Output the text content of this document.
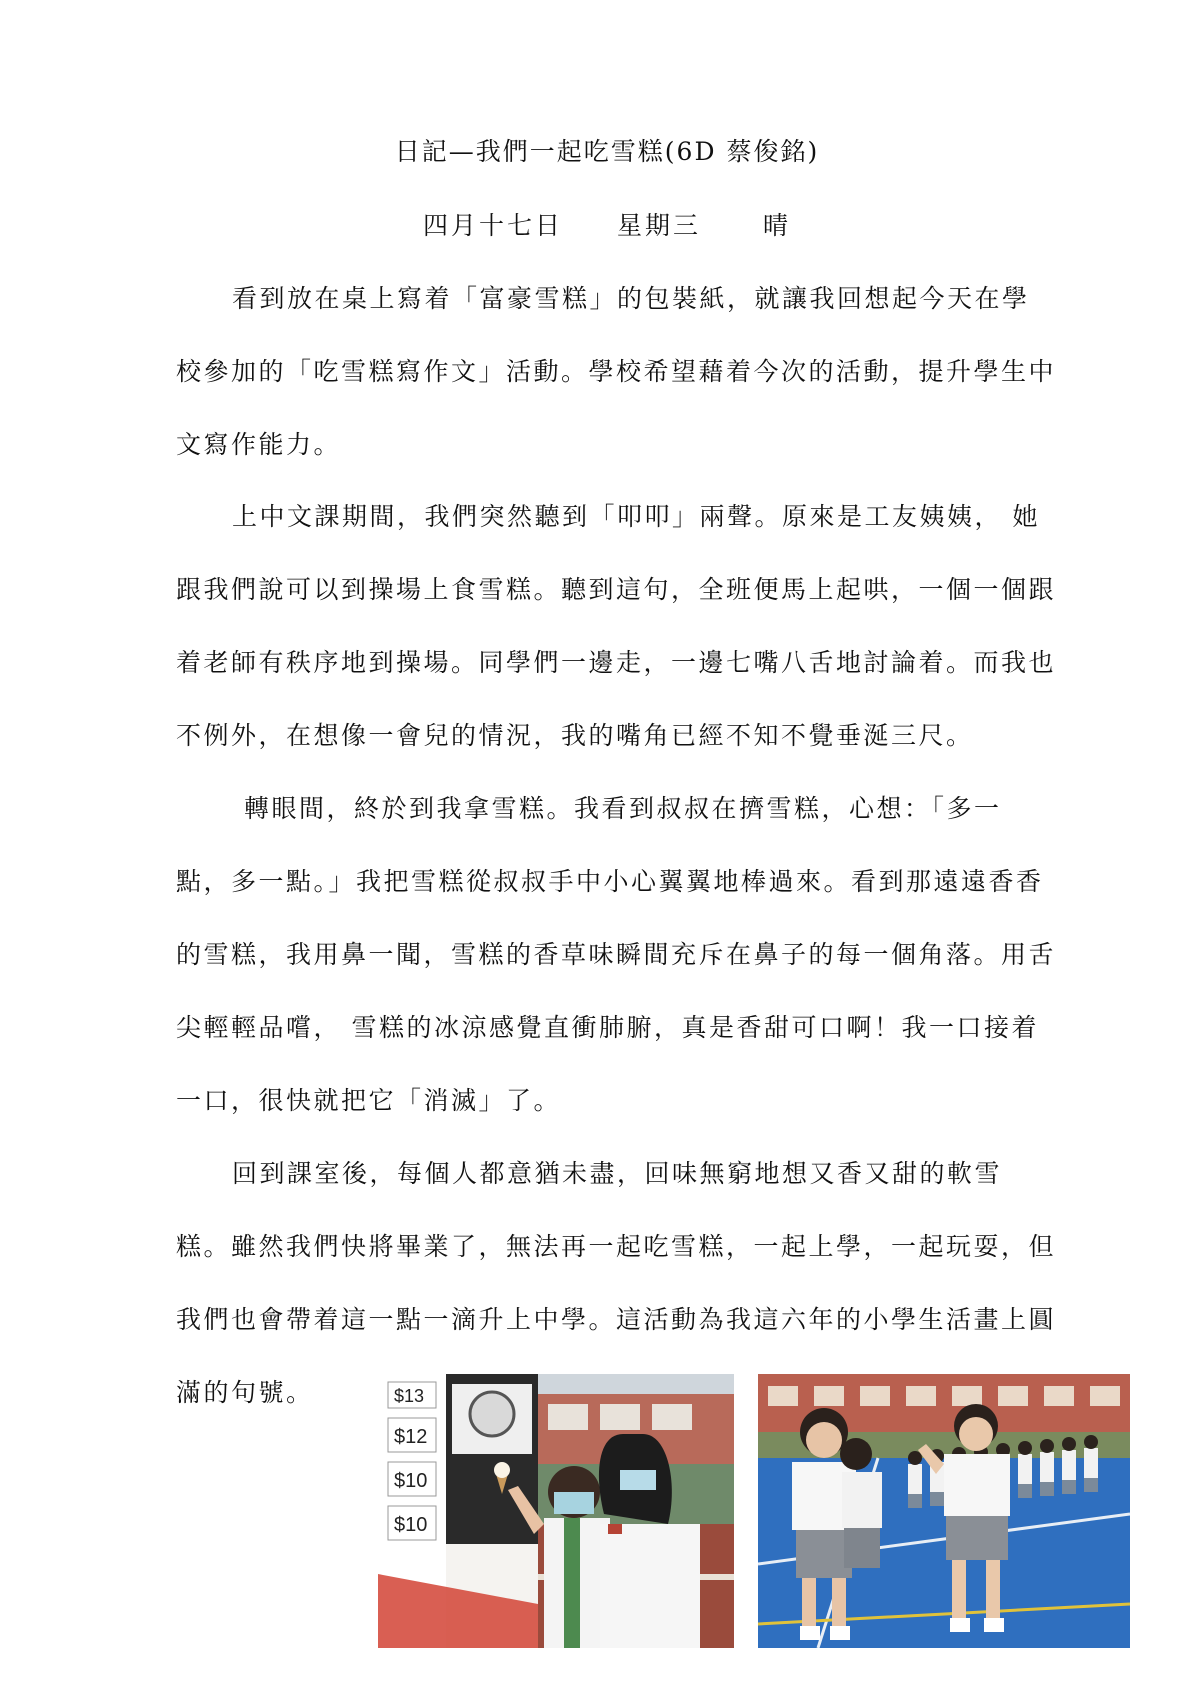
日記—我們一起吃雪糕(6D 蔡俊銘)
四月十七日 星期三 晴

看到放在桌上寫着「富豪雪糕」的包裝紙，就讓我回想起今天在學校參加的「吃雪糕寫作文」活動。學校希望藉着今次的活動，提升學生中文寫作能力。

上中文課期間，我們突然聽到「叩叩」兩聲。原來是工友姨姨， 她跟我們說可以到操場上食雪糕。聽到這句，全班便馬上起哄，一個一個跟着老師有秩序地到操場。同學們一邊走，一邊七嘴八舌地討論着。而我也不例外，在想像一會兒的情況，我的嘴角已經不知不覺垂涎三尺。

轉眼間，終於到我拿雪糕。我看到叔叔在擠雪糕，心想：「多一點，多一點。」我把雪糕從叔叔手中小心翼翼地棒過來。看到那遠遠香香的雪糕，我用鼻一聞，雪糕的香草味瞬間充斥在鼻子的每一個角落。用舌尖輕輕品嚐， 雪糕的冰涼感覺直衝肺腑，真是香甜可口啊！我一口接着一口，很快就把它「消滅」了。

回到課室後，每個人都意猶未盡，回味無窮地想又香又甜的軟雪糕。雖然我們快將畢業了，無法再一起吃雪糕，一起上學，一起玩耍，但我們也會帶着這一點一滴升上中學。這活動為我這六年的小學生活畫上圓滿的句號。	$13
$12
$10
$10
